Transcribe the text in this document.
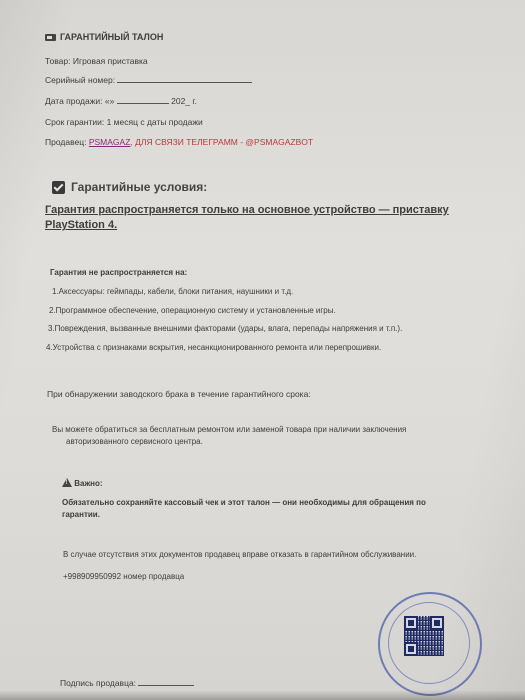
ГАРАНТИЙНЫЙ ТАЛОН
Товар: Игровая приставка
Серийный номер:
Дата продажи: «»	202_ г.
Срок гарантии: 1 месяц с даты продажи
Продавец: PSMAGAZ, ДЛЯ СВЯЗИ ТЕЛЕГРАММ - @PSMAGAZBOT
Гарантийные условия:
Гарантия распространяется только на основное устройство — приставку PlayStation 4.
Гарантия не распространяется на:
1.Аксессуары: геймпады, кабели, блоки питания, наушники и т.д.
2.Программное обеспечение, операционную систему и установленные игры.
3.Повреждения, вызванные внешними факторами (удары, влага, перепады напряжения и т.п.).
4.Устройства с признаками вскрытия, несанкционированного ремонта или перепрошивки.
При обнаружении заводского брака в течение гарантийного срока:
Вы можете обратиться за бесплатным ремонтом или заменой товара при наличии заключения
авторизованного сервисного центра.
! Важно:
Обязательно сохраняйте кассовый чек и этот талон — они необходимы для обращения по
гарантии.
В случае отсутствия этих документов продавец вправе отказать в гарантийном обслуживании.
+998909950992 номер продавца
Подпись продавца:
